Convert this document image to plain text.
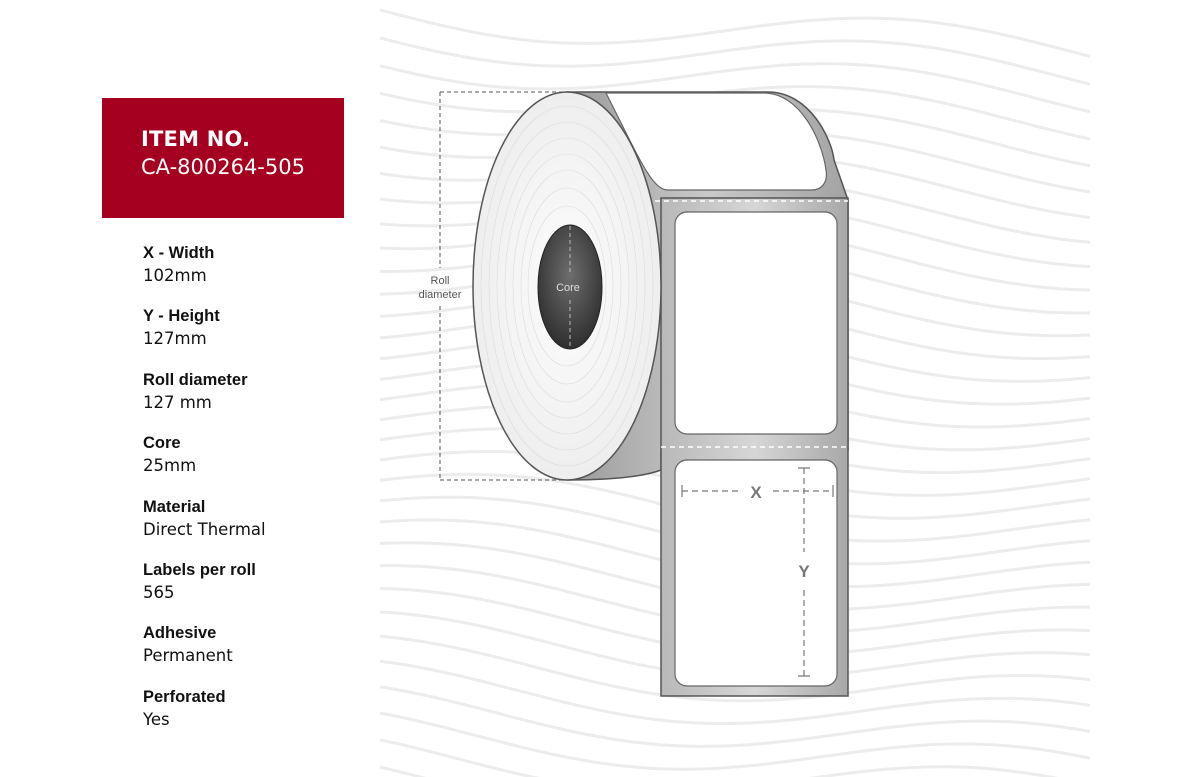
ITEM NO.
CA-800264-505
X - Width
102mm
Y - Height
127mm
Roll diameter
127 mm
Core
25mm
Material
Direct Thermal
Labels per roll
565
Adhesive
Permanent
Perforated
Yes
Core
Roll
diameter
X
Y
